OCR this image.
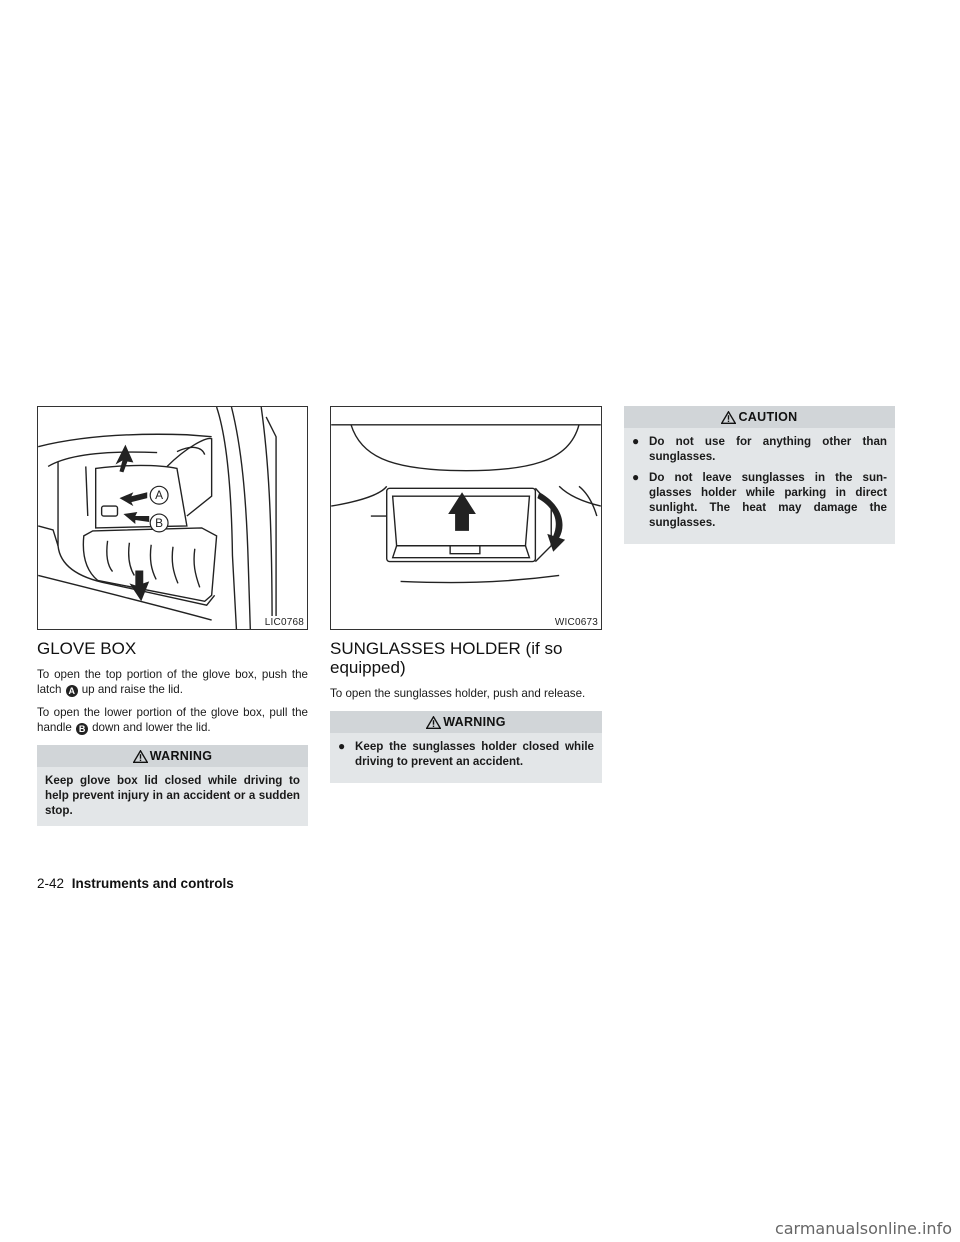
A
B
LIC0768
GLOVE BOX

To open the top portion of the glove box, push the latch A up and raise the lid.

To open the lower portion of the glove box, pull the handle B down and lower the lid.

WARNING
Keep glove box lid closed while driving to help prevent injury in an accident or a sudden stop.
WIC0673
SUNGLASSES HOLDER (if so equipped)

To open the sunglasses holder, push and release.

WARNING
● Keep the sunglasses holder closed while driving to prevent an accident.
CAUTION
● Do not use for anything other than sunglasses.
● Do not leave sunglasses in the sun-glasses holder while parking in direct sunlight. The heat may damage the sunglasses.
2-42 Instruments and controls
carmanualsonline.info
